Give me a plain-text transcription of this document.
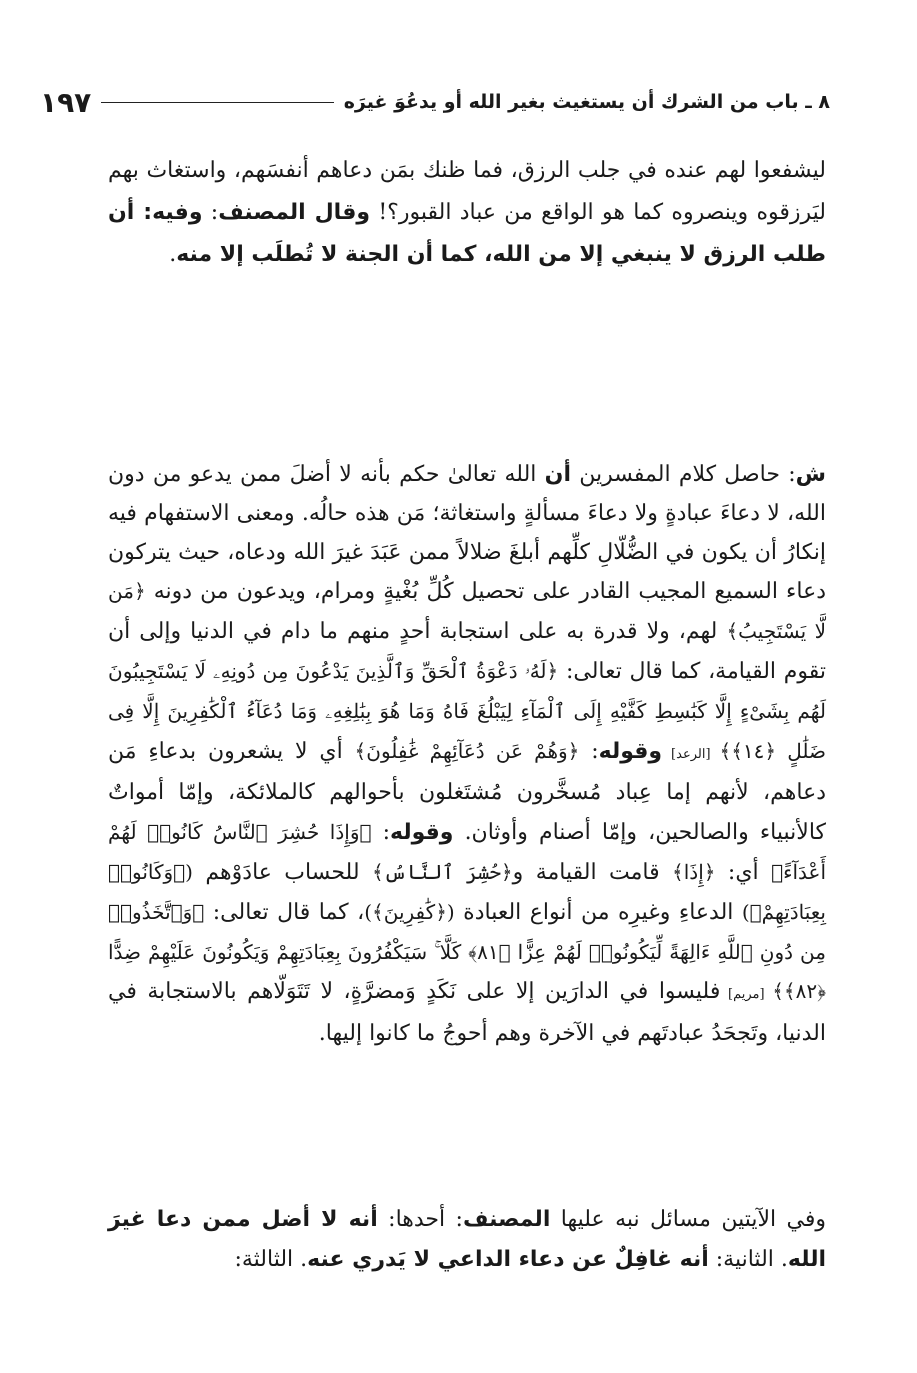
٨ ـ باب من الشرك أن يستغيث بغير الله أو يدعُوَ غيرَه
١٩٧
ليشفعوا لهم عنده في جلب الرزق، فما ظنك بمَن دعاهم أنفسَهم، واستغاث بهم ليَرزقوه وينصروه كما هو الواقع من عباد القبور؟! وقال المصنف: وفيه: أن طلب الرزق لا ينبغي إلا من الله، كما أن الجنة لا تُطلَب إلا منه.
ش: حاصل كلام المفسرين أن الله تعالىٰ حكم بأنه لا أضلَ ممن يدعو من دون الله، لا دعاءَ عبادةٍ ولا دعاءَ مسألةٍ واستغاثة؛ مَن هذه حالُه. ومعنى الاستفهام فيه إنكارُ أن يكون في الضُّلّالِ كلِّهم أبلغَ ضلالاً ممن عَبَدَ غيرَ الله ودعاه، حيث يتركون دعاء السميع المجيب القادر على تحصيل كُلِّ بُغْيةٍ ومرام، ويدعون من دونه ﴿مَن لَّا يَسْتَجِيبُ﴾ لهم، ولا قدرة به على استجابة أحدٍ منهم ما دام في الدنيا وإلى أن تقوم القيامة، كما قال تعالى: ﴿لَهُۥ دَعْوَةُ ٱلْحَقِّ وَٱلَّذِينَ يَدْعُونَ مِن دُونِهِۦ لَا يَسْتَجِيبُونَ لَهُم بِشَىْءٍ إِلَّا كَبَٰسِطِ كَفَّيْهِ إِلَى ٱلْمَآءِ لِيَبْلُغَ فَاهُ وَمَا هُوَ بِبَٰلِغِهِۦ وَمَا دُعَآءُ ٱلْكَٰفِرِينَ إِلَّا فِى ضَلَٰلٍ ﴿١٤﴾﴾ [الرعد] وقوله: ﴿وَهُمْ عَن دُعَآئِهِمْ غَٰفِلُونَ﴾ أي لا يشعرون بدعاءِ مَن دعاهم، لأنهم إما عِباد مُسخَّرون مُشتَغلون بأحوالهم كالملائكة، وإمّا أمواتٌ كالأنبياء والصالحين، وإمّا أصنام وأوثان. وقوله: ﴿وَإِذَا حُشِرَ ٱلنَّاسُ كَانُوا۟ لَهُمْ أَعْدَآءً﴾ أي: ﴿إِذَا﴾ قامت القيامة و﴿حُشِرَ ٱلنَّاسُ﴾ للحساب عادَوْهم (﴿وَكَانُوا۟ بِعِبَادَتِهِمْ﴾) الدعاءِ وغيرِه من أنواع العبادة (﴿كَٰفِرِينَ﴾)، كما قال تعالى: ﴿وَٱتَّخَذُوا۟ مِن دُونِ ٱللَّهِ ءَالِهَةً لِّيَكُونُوا۟ لَهُمْ عِزًّا ﴿٨١﴾ كَلَّا ۚ سَيَكْفُرُونَ بِعِبَادَتِهِمْ وَيَكُونُونَ عَلَيْهِمْ ضِدًّا ﴿٨٢﴾﴾ [مريم] فليسوا في الدارَين إلا على نَكَدٍ وَمضرَّةٍ، لا تَتَوَلّاهم بالاستجابة في الدنيا، وتَجحَدُ عبادتَهم في الآخرة وهم أحوجُ ما كانوا إليها.
وفي الآيتين مسائل نبه عليها المصنف: أحدها: أنه لا أضل ممن دعا غيرَ الله. الثانية: أنه غافِلٌ عن دعاء الداعي لا يَدري عنه. الثالثة:
